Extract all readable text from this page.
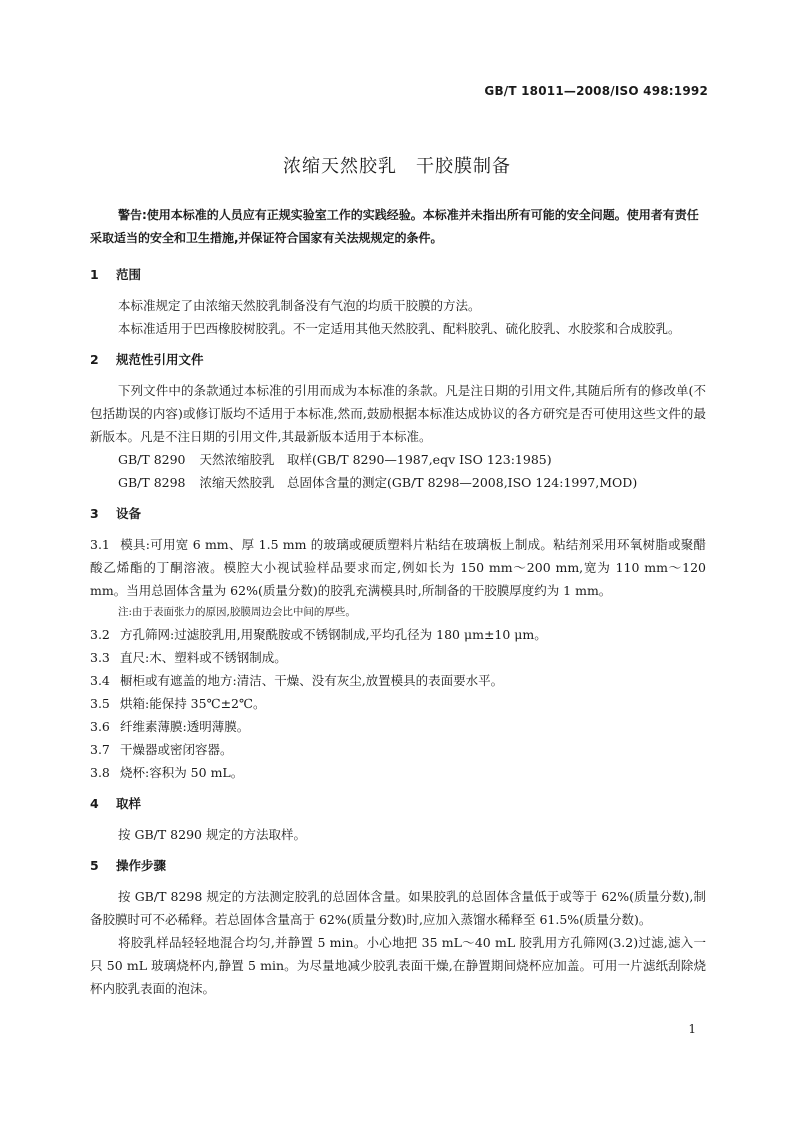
GB/T 18011—2008/ISO 498:1992
浓缩天然胶乳　干胶膜制备

警告:使用本标准的人员应有正规实验室工作的实践经验。本标准并未指出所有可能的安全问题。使用者有责任采取适当的安全和卫生措施,并保证符合国家有关法规规定的条件。

1 范围

本标准规定了由浓缩天然胶乳制备没有气泡的均质干胶膜的方法。

本标准适用于巴西橡胶树胶乳。不一定适用其他天然胶乳、配料胶乳、硫化胶乳、水胶浆和合成胶乳。

2 规范性引用文件

下列文件中的条款通过本标准的引用而成为本标准的条款。凡是注日期的引用文件,其随后所有的修改单(不包括勘误的内容)或修订版均不适用于本标准,然而,鼓励根据本标准达成协议的各方研究是否可使用这些文件的最新版本。凡是不注日期的引用文件,其最新版本适用于本标准。

GB/T 8290 天然浓缩胶乳　取样(GB/T 8290—1987,eqv ISO 123:1985)

GB/T 8298 浓缩天然胶乳　总固体含量的测定(GB/T 8298—2008,ISO 124:1997,MOD)

3 设备

3.1 模具:可用宽 6 mm、厚 1.5 mm 的玻璃或硬质塑料片粘结在玻璃板上制成。粘结剂采用环氧树脂或聚醋酸乙烯酯的丁酮溶液。模腔大小视试验样品要求而定,例如长为 150 mm～200 mm,宽为 110 mm～120 mm。当用总固体含量为 62%(质量分数)的胶乳充满模具时,所制备的干胶膜厚度约为 1 mm。

注:由于表面张力的原因,胶膜周边会比中间的厚些。

3.2 方孔筛网:过滤胶乳用,用聚酰胺或不锈钢制成,平均孔径为 180 μm±10 μm。

3.3 直尺:木、塑料或不锈钢制成。

3.4 橱柜或有遮盖的地方:清洁、干燥、没有灰尘,放置模具的表面要水平。

3.5 烘箱:能保持 35℃±2℃。

3.6 纤维素薄膜:透明薄膜。

3.7 干燥器或密闭容器。

3.8 烧杯:容积为 50 mL。

4 取样

按 GB/T 8290 规定的方法取样。

5 操作步骤

按 GB/T 8298 规定的方法测定胶乳的总固体含量。如果胶乳的总固体含量低于或等于 62%(质量分数),制备胶膜时可不必稀释。若总固体含量高于 62%(质量分数)时,应加入蒸馏水稀释至 61.5%(质量分数)。

将胶乳样品轻轻地混合均匀,并静置 5 min。小心地把 35 mL～40 mL 胶乳用方孔筛网(3.2)过滤,滤入一只 50 mL 玻璃烧杯内,静置 5 min。为尽量地减少胶乳表面干燥,在静置期间烧杯应加盖。可用一片滤纸刮除烧杯内胶乳表面的泡沫。

1
